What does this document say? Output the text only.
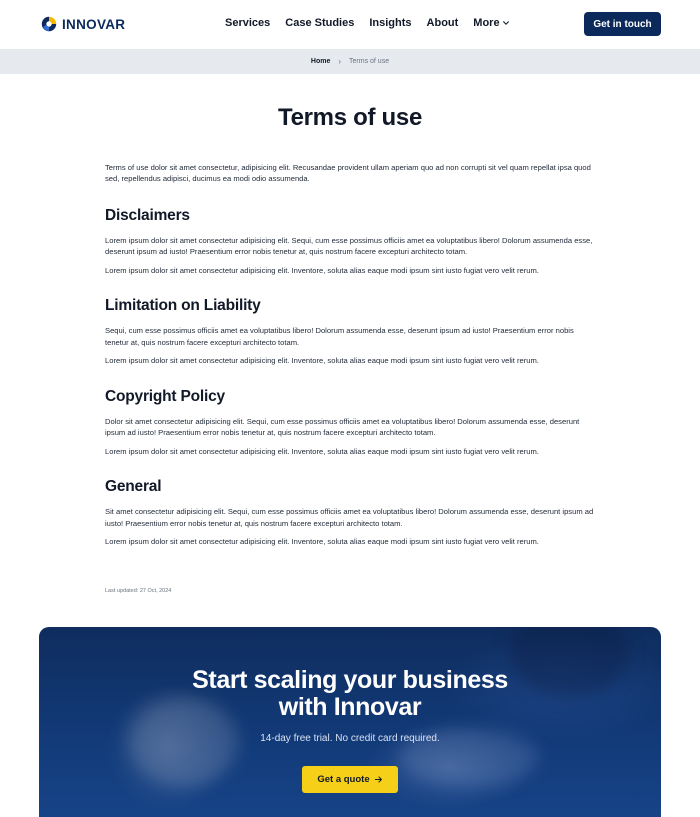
INNOVAR	Services Case Studies Insights About More	Get in touch
Home › Terms of use
Terms of use

Terms of use dolor sit amet consectetur, adipisicing elit. Recusandae provident ullam aperiam quo ad non corrupti sit vel quam repellat ipsa quod sed, repellendus adipisci, ducimus ea modi odio assumenda.

Disclaimers

Lorem ipsum dolor sit amet consectetur adipisicing elit. Sequi, cum esse possimus officiis amet ea voluptatibus libero! Dolorum assumenda esse, deserunt ipsum ad iusto! Praesentium error nobis tenetur at, quis nostrum facere excepturi architecto totam.

Lorem ipsum dolor sit amet consectetur adipisicing elit. Inventore, soluta alias eaque modi ipsum sint iusto fugiat vero velit rerum.

Limitation on Liability

Sequi, cum esse possimus officiis amet ea voluptatibus libero! Dolorum assumenda esse, deserunt ipsum ad iusto! Praesentium error nobis tenetur at, quis nostrum facere excepturi architecto totam.

Lorem ipsum dolor sit amet consectetur adipisicing elit. Inventore, soluta alias eaque modi ipsum sint iusto fugiat vero velit rerum.

Copyright Policy

Dolor sit amet consectetur adipisicing elit. Sequi, cum esse possimus officiis amet ea voluptatibus libero! Dolorum assumenda esse, deserunt ipsum ad iusto! Praesentium error nobis tenetur at, quis nostrum facere excepturi architecto totam.

Lorem ipsum dolor sit amet consectetur adipisicing elit. Inventore, soluta alias eaque modi ipsum sint iusto fugiat vero velit rerum.

General

Sit amet consectetur adipisicing elit. Sequi, cum esse possimus officiis amet ea voluptatibus libero! Dolorum assumenda esse, deserunt ipsum ad iusto! Praesentium error nobis tenetur at, quis nostrum facere excepturi architecto totam.

Lorem ipsum dolor sit amet consectetur adipisicing elit. Inventore, soluta alias eaque modi ipsum sint iusto fugiat vero velit rerum.

Last updated: 27 Oct, 2024
Start scaling your business
with Innovar

14-day free trial. No credit card required.

Get a quote
